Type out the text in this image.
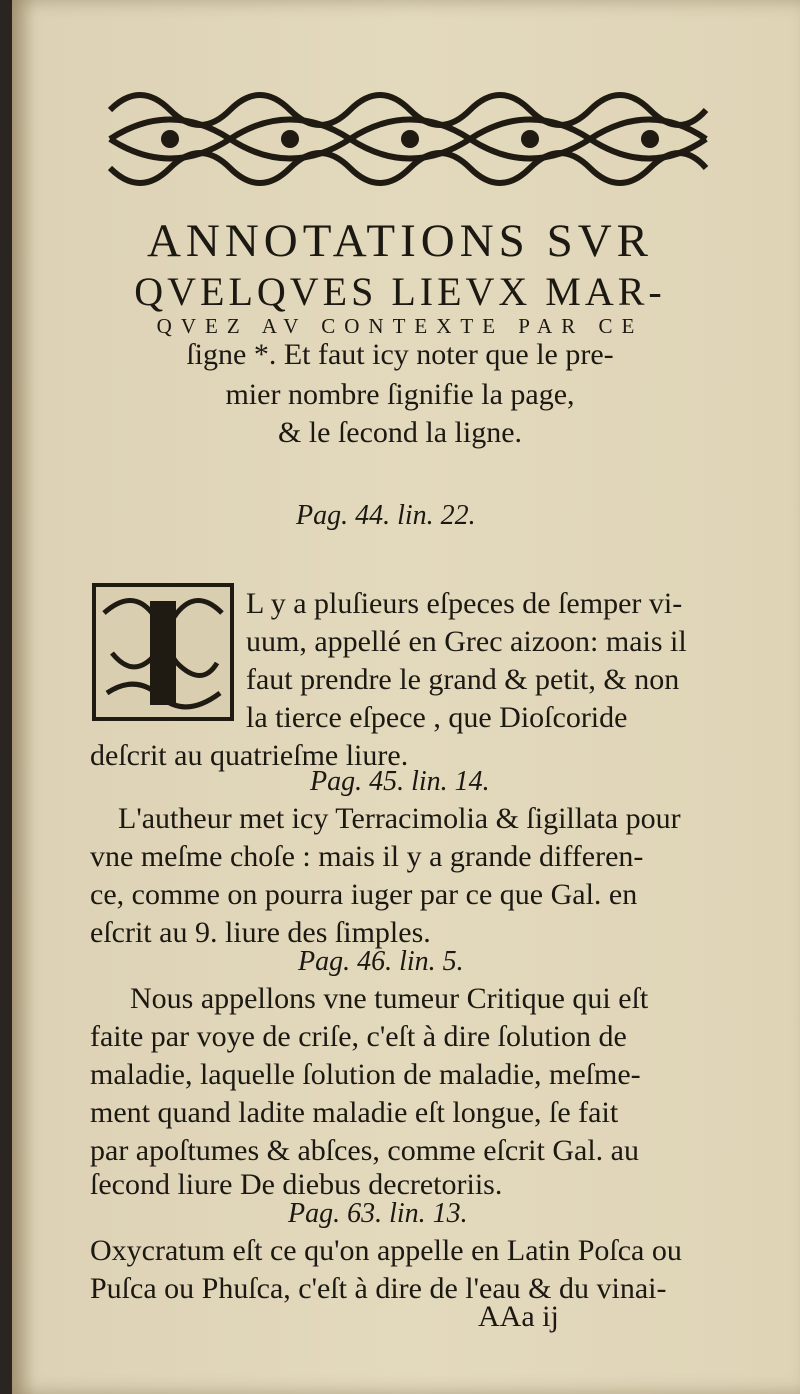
ANNOTATIONS SVR
QVELQVES LIEVX MAR-
QVEZ AV CONTEXTE PAR CE
ſigne *. Et faut icy noter que le pre-
mier nombre ſignifie la page,
& le ſecond la ligne.
Pag. 44. lin. 22.
L y a pluſieurs eſpeces de ſemper vi-
uum, appellé en Grec aizoon: mais il
faut prendre le grand & petit, & non
la tierce eſpece , que Dioſcoride
deſcrit au quatrieſme liure.
Pag. 45. lin. 14.
L'autheur met icy Terracimolia & ſigillata pour
vne meſme choſe : mais il y a grande differen-
ce, comme on pourra iuger par ce que Gal. en
eſcrit au 9. liure des ſimples.
Pag. 46. lin. 5.
Nous appellons vne tumeur Critique qui eſt
faite par voye de criſe, c'eſt à dire ſolution de
maladie, laquelle ſolution de maladie, meſme-
ment quand ladite maladie eſt longue, ſe fait
par apoſtumes & abſces, comme eſcrit Gal. au
ſecond liure De diebus decretoriis.
Pag. 63. lin. 13.
Oxycratum eſt ce qu'on appelle en Latin Poſca ou
Puſca ou Phuſca, c'eſt à dire de l'eau & du vinai-
AAa ij
